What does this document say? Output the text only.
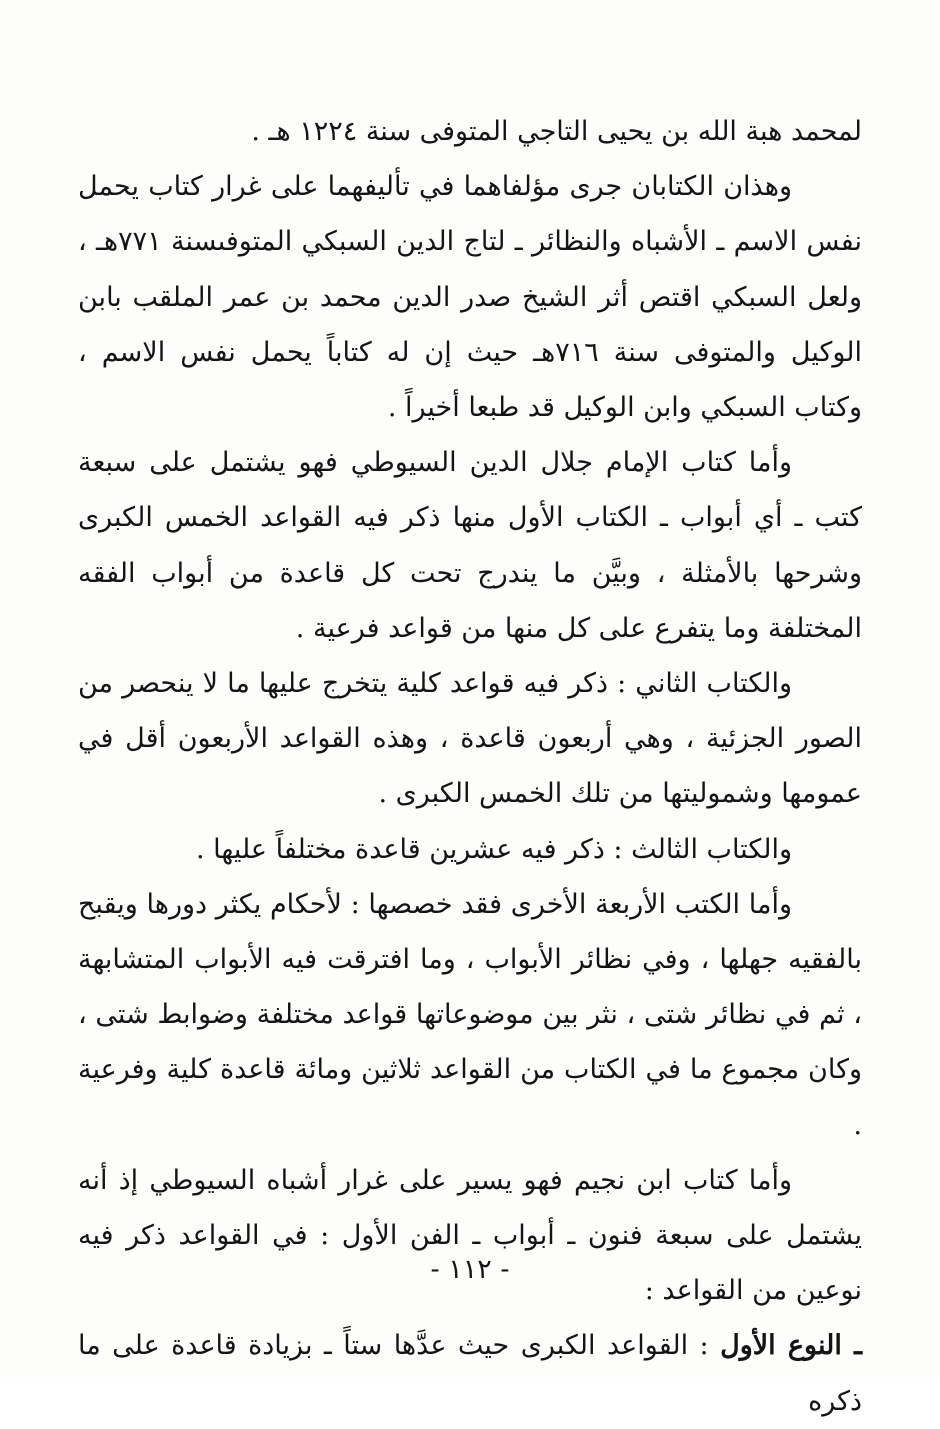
لمحمد هبة الله بن يحيى التاجي المتوفى سنة ١٢٢٤ هـ .

وهذان الكتابان جرى مؤلفاهما في تأليفهما على غرار كتاب يحمل نفس الاسم ـ الأشباه والنظائر ـ لتاج الدين السبكي المتوفىسنة ٧٧١هـ ، ولعل السبكي اقتص أثر الشيخ صدر الدين محمد بن عمر الملقب بابن الوكيل والمتوفى سنة ٧١٦هـ حيث إن له كتاباً يحمل نفس الاسم ، وكتاب السبكي وابن الوكيل قد طبعا أخيراً .

وأما كتاب الإمام جلال الدين السيوطي فهو يشتمل على سبعة كتب ـ أي أبواب ـ الكتاب الأول منها ذكر فيه القواعد الخمس الكبرى وشرحها بالأمثلة ، وبيَّن ما يندرج تحت كل قاعدة من أبواب الفقه المختلفة وما يتفرع على كل منها من قواعد فرعية .

والكتاب الثاني : ذكر فيه قواعد كلية يتخرج عليها ما لا ينحصر من الصور الجزئية ، وهي أربعون قاعدة ، وهذه القواعد الأربعون أقل في عمومها وشموليتها من تلك الخمس الكبرى .

والكتاب الثالث : ذكر فيه عشرين قاعدة مختلفاً عليها .

وأما الكتب الأربعة الأخرى فقد خصصها : لأحكام يكثر دورها ويقبح بالفقيه جهلها ، وفي نظائر الأبواب ، وما افترقت فيه الأبواب المتشابهة ، ثم في نظائر شتى ، نثر بين موضوعاتها قواعد مختلفة وضوابط شتى ، وكان مجموع ما في الكتاب من القواعد ثلاثين ومائة قاعدة كلية وفرعية .

وأما كتاب ابن نجيم فهو يسير على غرار أشباه السيوطي إذ أنه يشتمل على سبعة فنون ـ أبواب ـ الفن الأول : في القواعد ذكر فيه نوعين من القواعد :

ـ النوع الأول : القواعد الكبرى حيث عدَّها ستاً ـ بزيادة قاعدة على ما ذكره

- ١١٢ -
